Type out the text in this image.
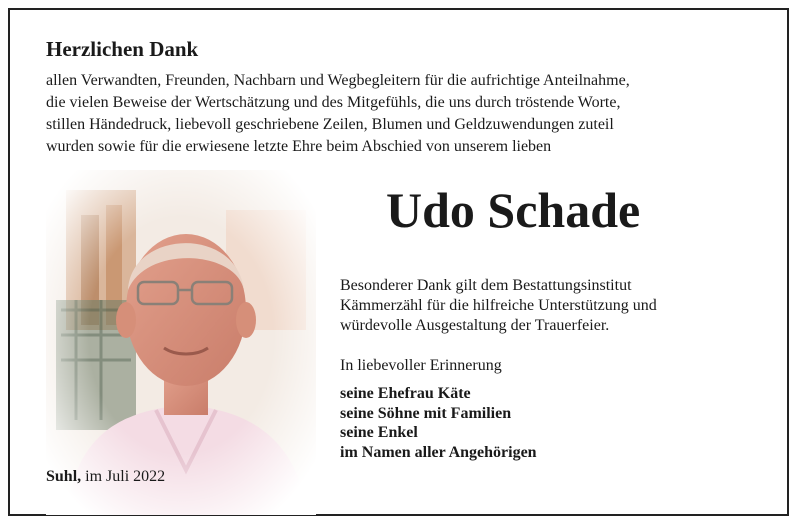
Herzlichen Dank
allen Verwandten, Freunden, Nachbarn und Wegbegleitern für die aufrichtige Anteilnahme,
die vielen Beweise der Wertschätzung und des Mitgefühls, die uns durch tröstende Worte,
stillen Händedruck, liebevoll geschriebene Zeilen, Blumen und Geldzuwendungen zuteil
wurden sowie für die erwiesene letzte Ehre beim Abschied von unserem lieben
Udo Schade
Besonderer Dank gilt dem Bestattungsinstitut
Kämmerzähl für die hilfreiche Unterstützung und
würdevolle Ausgestaltung der Trauerfeier.
In liebevoller Erinnerung
seine Ehefrau Käte
seine Söhne mit Familien
seine Enkel
im Namen aller Angehörigen
Suhl, im Juli 2022
